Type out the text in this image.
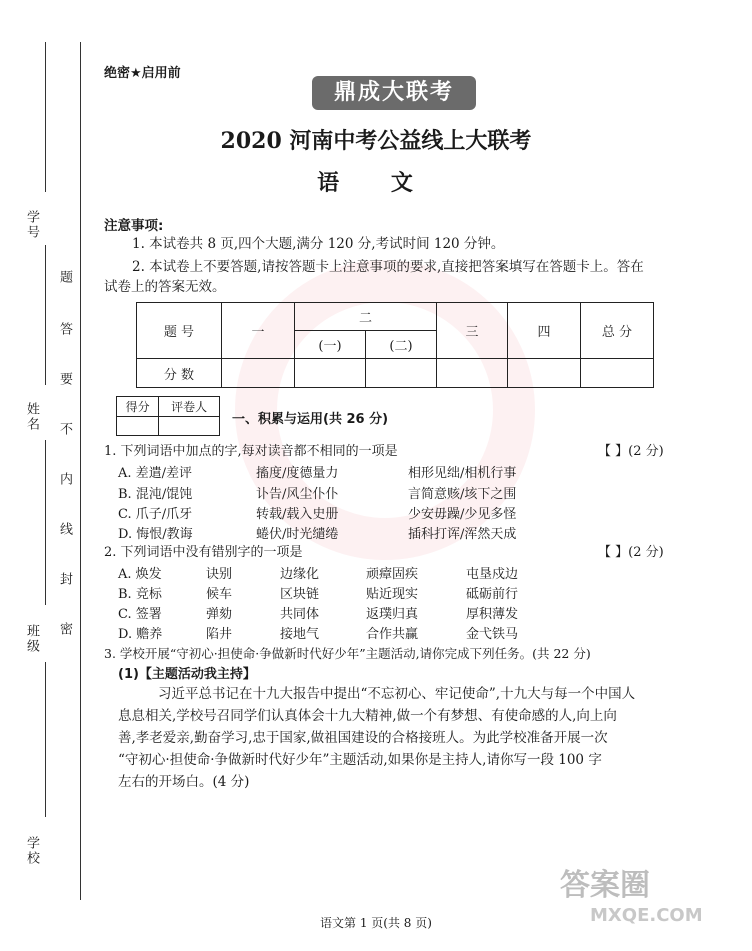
学号
姓名
班级
学校
题
答
要
不
内
线
封
密
绝密★启用前
鼎成大联考
2020 河南中考公益线上大联考
语 文
注意事项:
1. 本试卷共 8 页,四个大题,满分 120 分,考试时间 120 分钟。
2. 本试卷上不要答题,请按答题卡上注意事项的要求,直接把答案填写在答题卡上。答在
试卷上的答案无效。
题 号	一	二		三	四	总 分
		(一)	(二)			
分 数						
得分	评卷人

一、积累与运用(共 26 分)
1. 下列词语中加点的字,每对读音都不相同的一项是	【 】(2 分)
A. 差遣/差评	搐度/度德量力	相形见绌/相机行事
B. 混沌/馄饨	讣告/风尘仆仆	言简意赅/垓下之围
C. 爪子/爪牙	转载/载入史册	少安毋躁/少见多怪
D. 悔恨/教诲	蜷伏/时光缱绻	插科打诨/浑然天成
2. 下列词语中没有错别字的一项是	【 】(2 分)
A. 焕发	诀别	边缘化	顽瘴固疾	屯垦戍边
B. 竞标	候车	区块链	贴近现实	砥砺前行
C. 签署	弹劾	共同体	返璞归真	厚积薄发
D. 赡养	陷井	接地气	合作共赢	金弋铁马
3. 学校开展“守初心·担使命·争做新时代好少年”主题活动,请你完成下列任务。(共 22 分)
(1)【主题活动我主持】
习近平总书记在十九大报告中提出“不忘初心、牢记使命”,十九大与每一个中国人
息息相关,学校号召同学们认真体会十九大精神,做一个有梦想、有使命感的人,向上向
善,孝老爱亲,勤奋学习,忠于国家,做祖国建设的合格接班人。为此学校准备开展一次
“守初心·担使命·争做新时代好少年”主题活动,如果你是主持人,请你写一段 100 字
左右的开场白。(4 分)
答案圈
MXQE.COM
语文第 1 页(共 8 页)
